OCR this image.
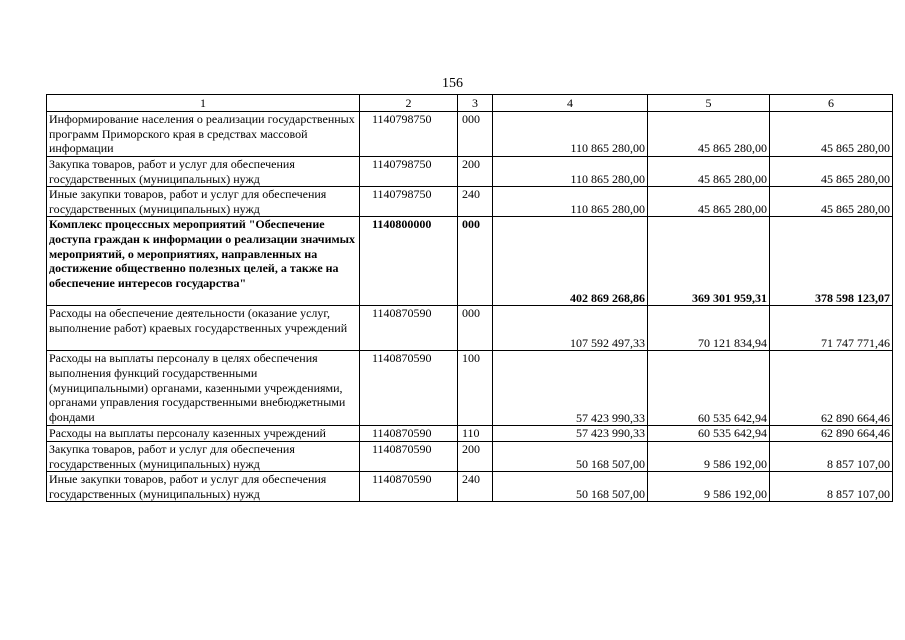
156
1	2	3	4	5	6
Информирование населения о реализации государственных программ Приморского края в средствах массовой информации	1140798750	000	110 865 280,00	45 865 280,00	45 865 280,00
Закупка товаров, работ и услуг для обеспечения государственных (муниципальных) нужд	1140798750	200	110 865 280,00	45 865 280,00	45 865 280,00
Иные закупки товаров, работ и услуг для обеспечения государственных (муниципальных) нужд	1140798750	240	110 865 280,00	45 865 280,00	45 865 280,00
Комплекс процессных мероприятий "Обеспечение доступа граждан к информации о реализации значимых мероприятий, о мероприятиях, направленных на достижение общественно полезных целей, а также на обеспечение интересов государства"	1140800000	000	402 869 268,86	369 301 959,31	378 598 123,07
Расходы на обеспечение деятельности (оказание услуг, выполнение работ) краевых государственных учреждений	1140870590	000	107 592 497,33	70 121 834,94	71 747 771,46
Расходы на выплаты персоналу в целях обеспечения выполнения функций государственными (муниципальными) органами, казенными учреждениями, органами управления государственными внебюджетными фондами	1140870590	100	57 423 990,33	60 535 642,94	62 890 664,46
Расходы на выплаты персоналу казенных учреждений	1140870590	110	57 423 990,33	60 535 642,94	62 890 664,46
Закупка товаров, работ и услуг для обеспечения государственных (муниципальных) нужд	1140870590	200	50 168 507,00	9 586 192,00	8 857 107,00
Иные закупки товаров, работ и услуг для обеспечения государственных (муниципальных) нужд	1140870590	240	50 168 507,00	9 586 192,00	8 857 107,00
